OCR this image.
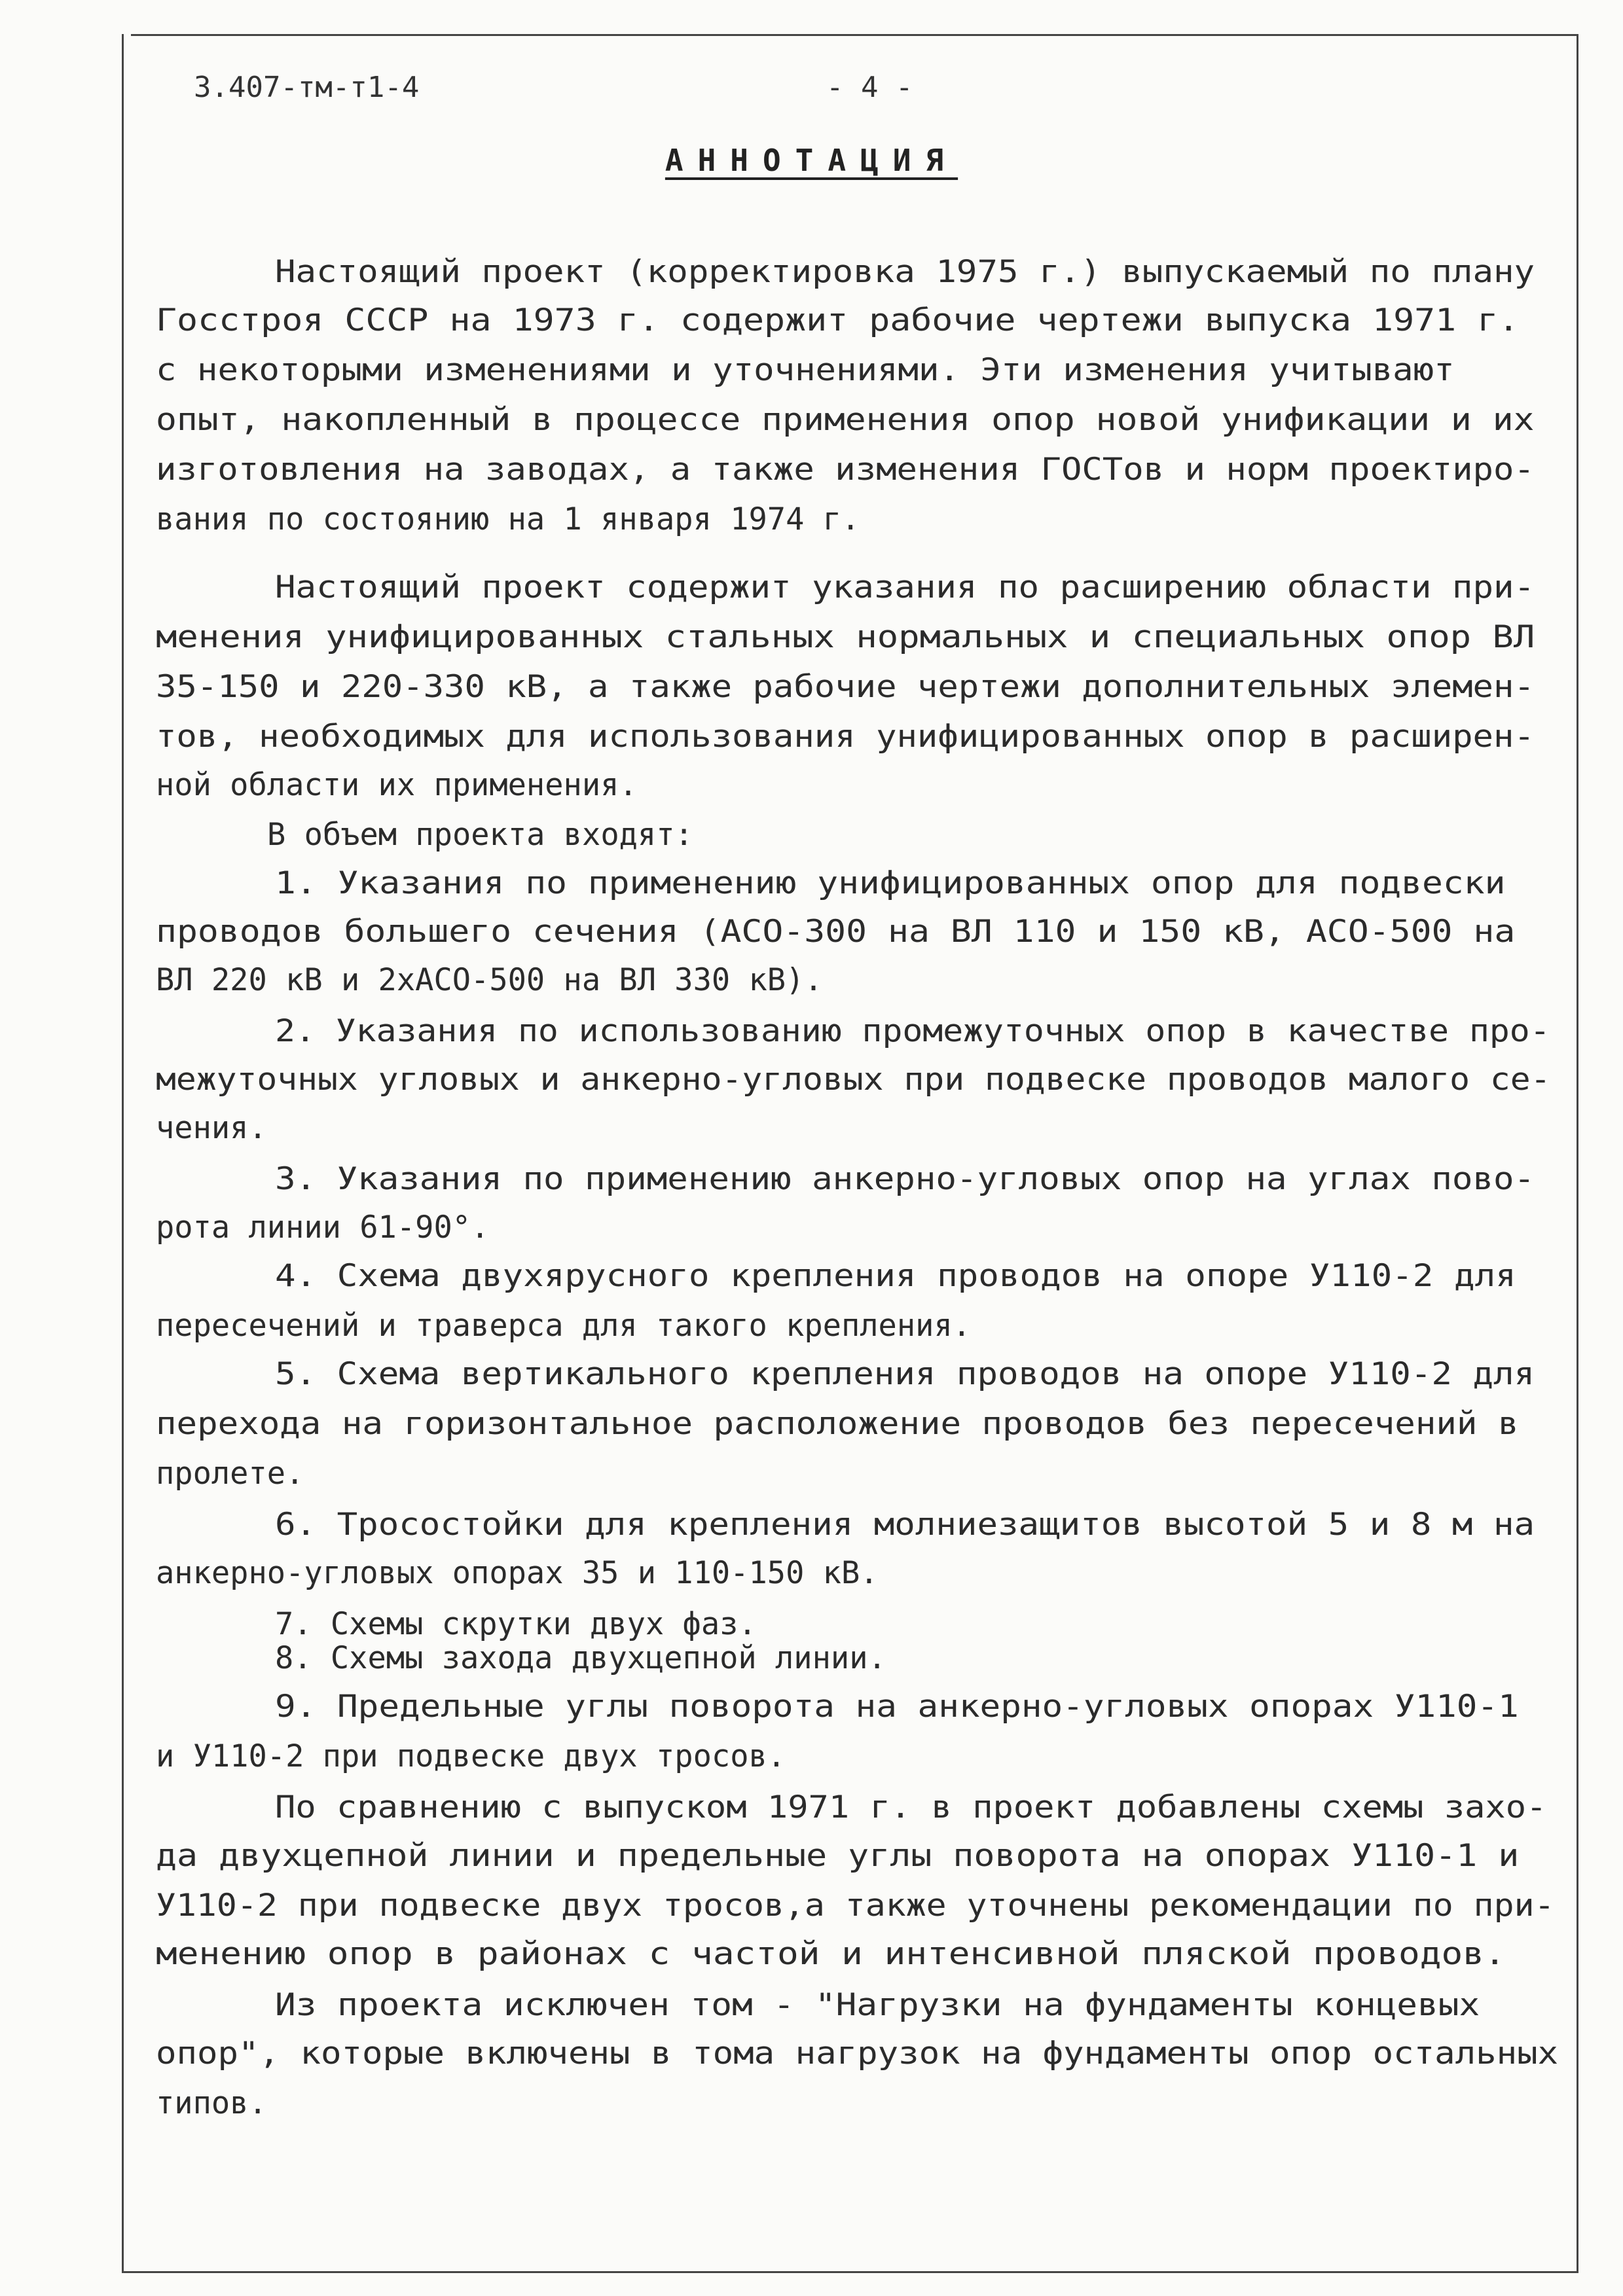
3.407-тм-т1-4	- 4 -
АННОТАЦИЯ
Настоящий проект (корректировка 1975 г.) выпускаемый по плану
Госстроя СССР на 1973 г. содержит рабочие чертежи выпуска 1971 г.
с некоторыми изменениями и уточнениями. Эти изменения учитывают
опыт, накопленный в процессе применения опор новой унификации и их
изготовления на заводах, а также изменения ГОСТов и норм проектиро-
вания по состоянию на 1 января 1974 г.
Настоящий проект содержит указания по расширению области при-
менения унифицированных стальных нормальных и специальных опор ВЛ
35-150 и 220-330 кВ, а также рабочие чертежи дополнительных элемен-
тов, необходимых для использования унифицированных опор в расширен-
ной области их применения.
В объем проекта входят:
1. Указания по применению унифицированных опор для подвески
проводов большего сечения (АСО-300 на ВЛ 110 и 150 кВ, АСО-500 на
ВЛ 220 кВ и 2хАСО-500 на ВЛ 330 кВ).
2. Указания по использованию промежуточных опор в качестве про-
межуточных угловых и анкерно-угловых при подвеске проводов малого се-
чения.
3. Указания по применению анкерно-угловых опор на углах пово-
рота линии 61-90°.
4. Схема двухярусного крепления проводов на опоре У110-2 для
пересечений и траверса для такого крепления.
5. Схема вертикального крепления проводов на опоре У110-2 для
перехода на горизонтальное расположение проводов без пересечений в
пролете.
6. Тросостойки для крепления молниезащитов высотой 5 и 8 м на
анкерно-угловых опорах 35 и 110-150 кВ.
7. Схемы скрутки двух фаз.
8. Схемы захода двухцепной линии.
9. Предельные углы поворота на анкерно-угловых опорах У110-1
и У110-2 при подвеске двух тросов.
По сравнению с выпуском 1971 г. в проект добавлены схемы захо-
да двухцепной линии и предельные углы поворота на опорах У110-1 и
У110-2 при подвеске двух тросов,а также уточнены рекомендации по при-
менению опор в районах с частой и интенсивной пляской проводов.
Из проекта исключен том - "Нагрузки на фундаменты концевых
опор", которые включены в тома нагрузок на фундаменты опор остальных
типов.
